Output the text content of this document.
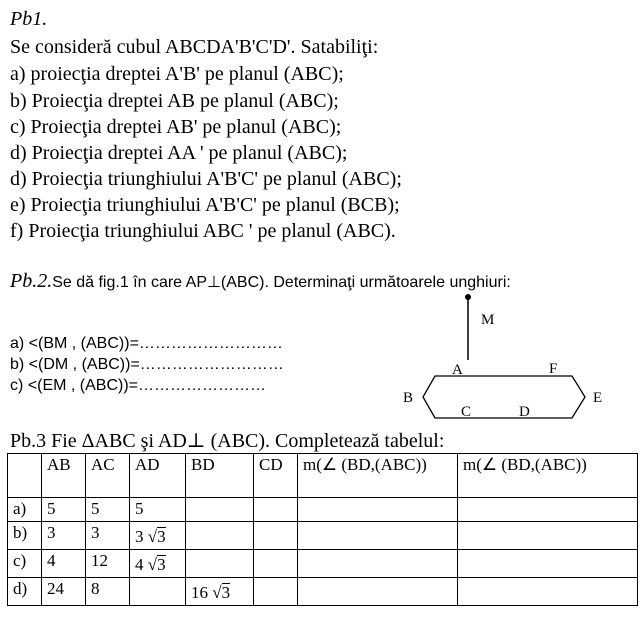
Pb1.
Se consideră cubul ABCDA'B'C'D'. Satabiliţi:
a) proiecţia dreptei A'B' pe planul (ABC);
b) Proiecţia dreptei AB pe planul (ABC);
c) Proiecţia dreptei AB' pe planul (ABC);
d) Proiecţia dreptei AA ' pe planul (ABC);
d) Proiecţia triunghiului A'B'C' pe planul (ABC);
e) Proiecţia triunghiului A'B'C' pe planul (BCB);
f) Proiecţia triunghiului ABC ' pe planul (ABC).
Pb.2.Se dă fig.1 în care AP⊥(ABC). Determinaţi următoarele unghiuri:
a) <(BM , (ABC))=………………………
b) <(DM , (ABC))=………………………
c) <(EM , (ABC))=……………………
M
A	F
B	E
C	D
Pb.3 Fie ΔABC şi AD⊥ (ABC). Completează tabelul:
	AB	AC	AD	BD	CD	m(∠ (BD,(ABC))	m(∠ (BD,(ABC))
a)	5	5	5				
b)	3	3	3 √3				
c)	4	12	4 √3				
d)	24	8		16 √3			
